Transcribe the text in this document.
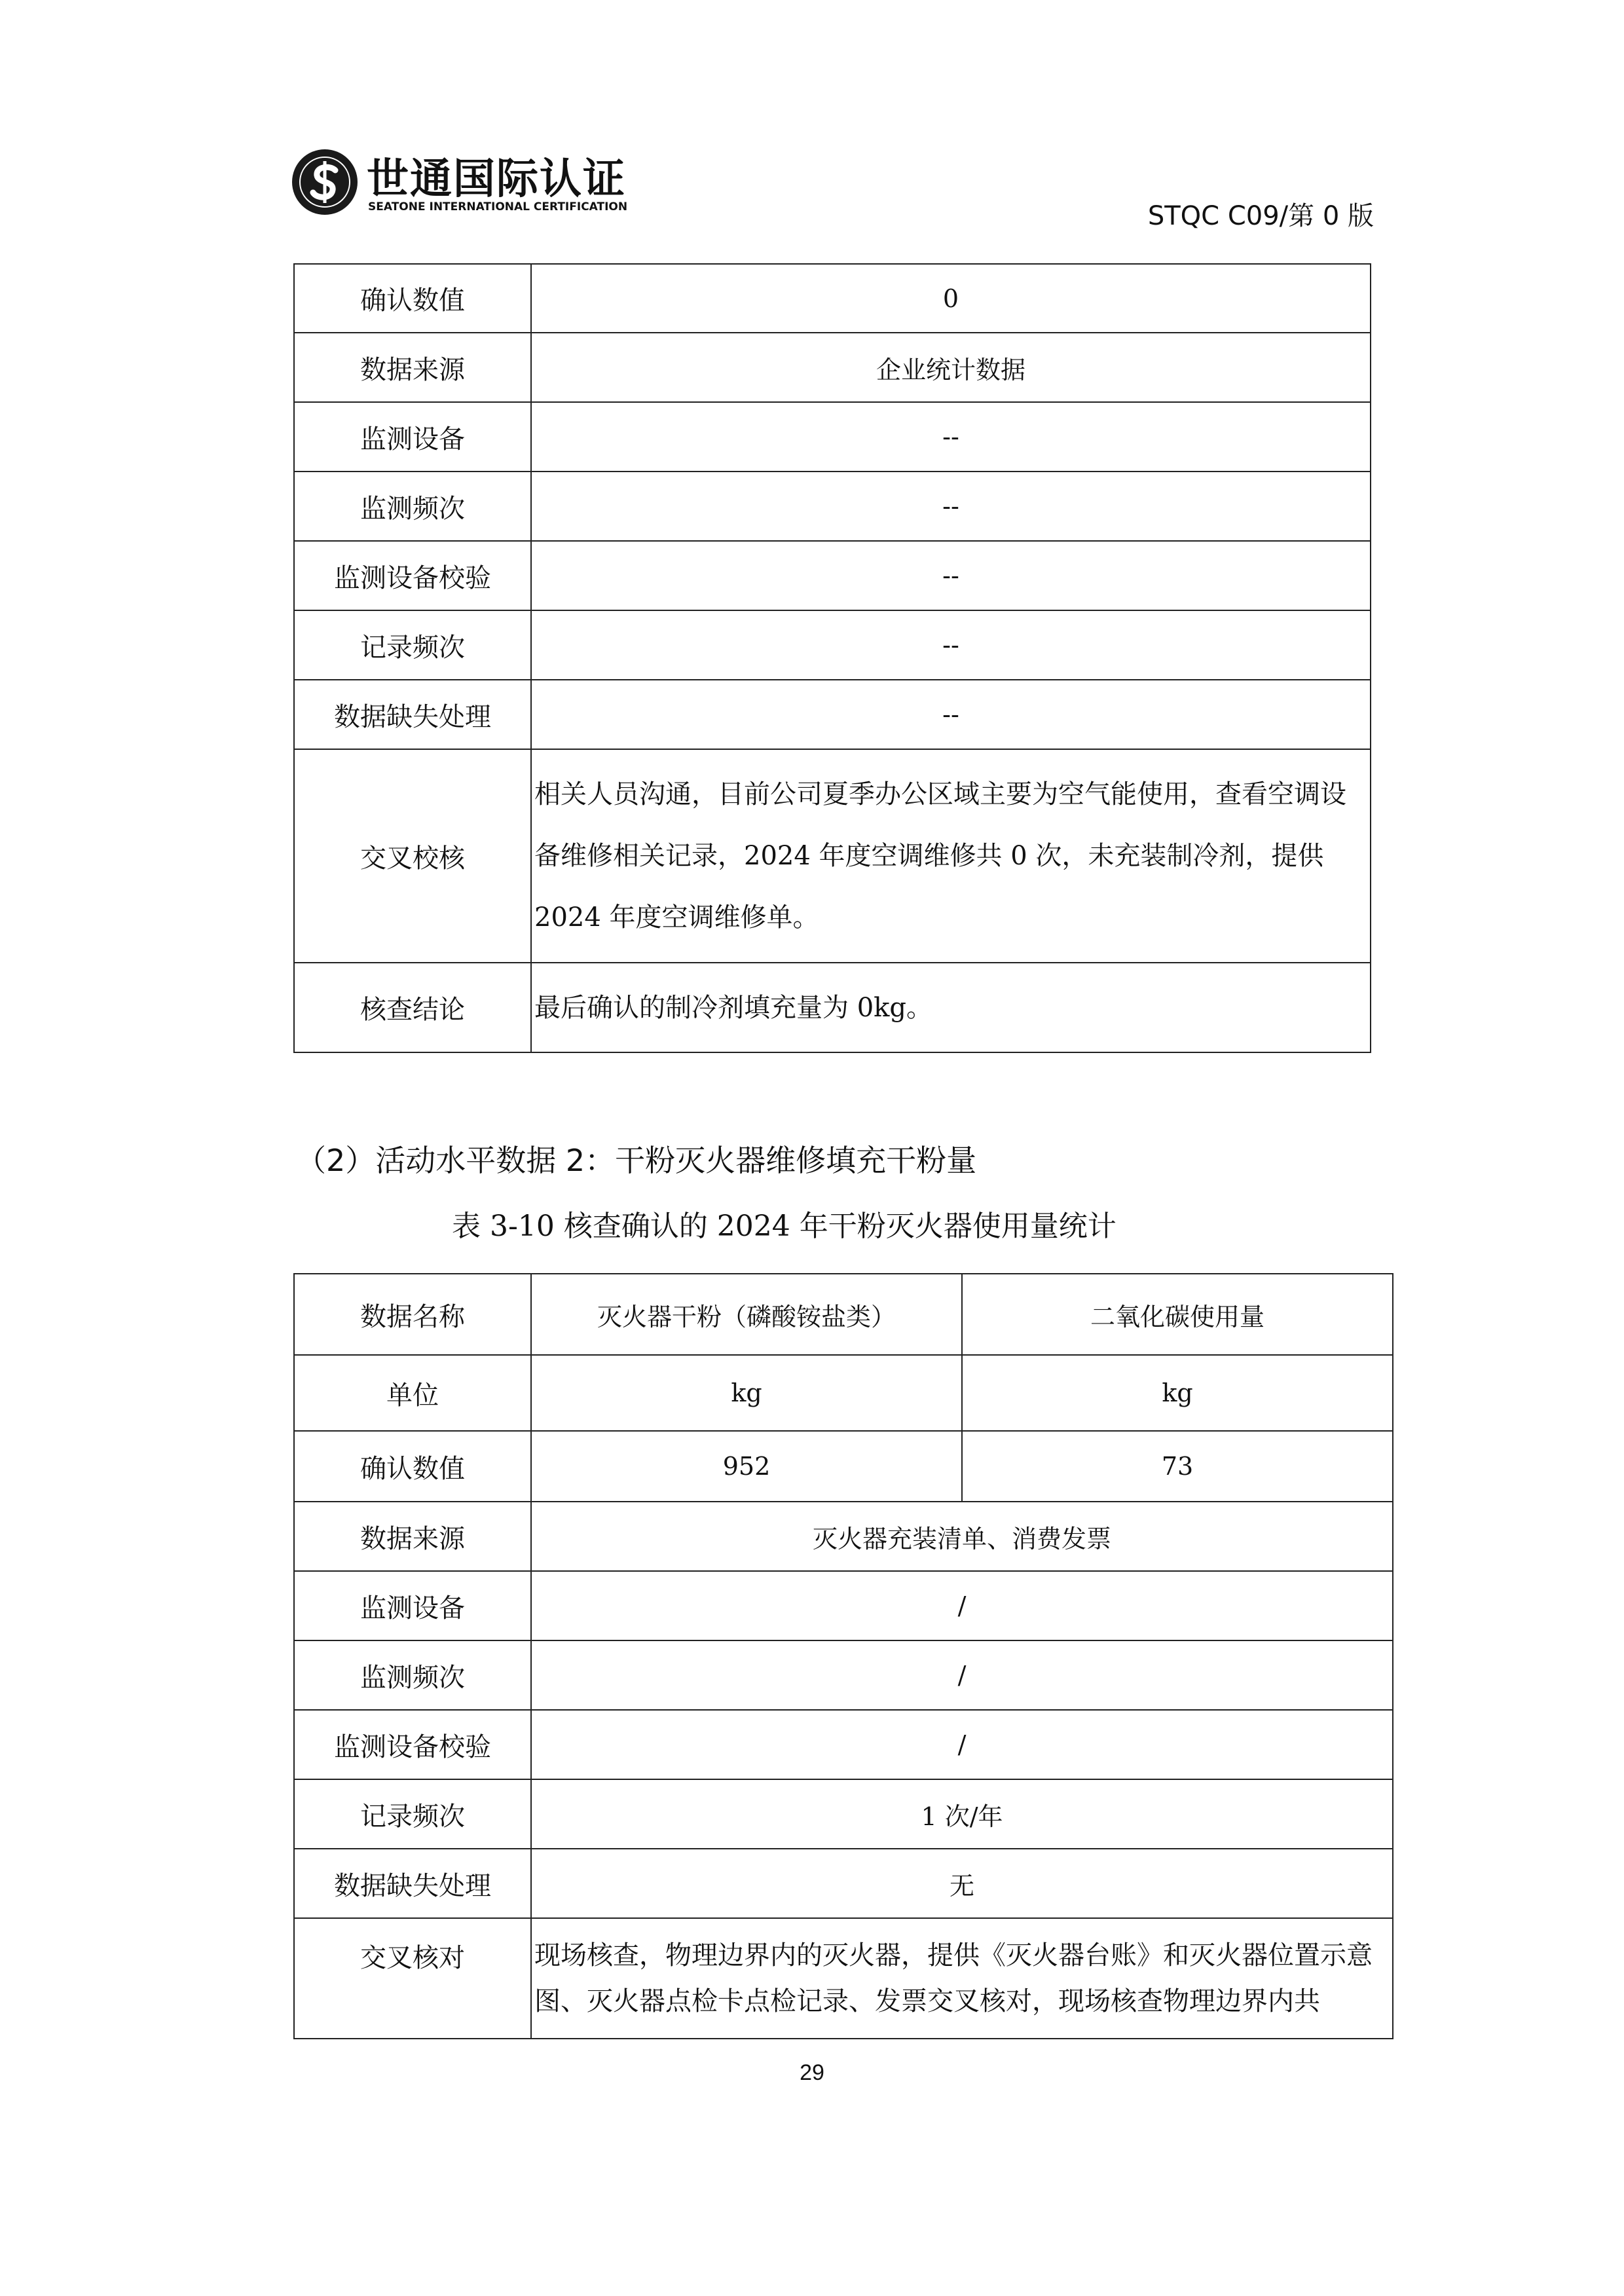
世通国际认证
SEATONE INTERNATIONAL CERTIFICATION	STQC C09/第 0 版
确认数值	0
数据来源	企业统计数据
监测设备	--
监测频次	--
监测设备校验	--
记录频次	--
数据缺失处理	--
交叉校核	相关人员沟通，目前公司夏季办公区域主要为空气能使用，查看空调设备维修相关记录，2024 年度空调维修共 0 次，未充装制冷剂，提供2024 年度空调维修单。
核查结论	最后确认的制冷剂填充量为 0kg。
（2）活动水平数据 2：干粉灭火器维修填充干粉量
表 3-10 核查确认的 2024 年干粉灭火器使用量统计
数据名称	灭火器干粉（磷酸铵盐类）	二氧化碳使用量
单位	kg	kg
确认数值	952	73
数据来源	灭火器充装清单、消费发票	
监测设备	/	
监测频次	/	
监测设备校验	/	
记录频次	1 次/年	
数据缺失处理	无	
交叉核对	现场核查，物理边界内的灭火器，提供《灭火器台账》和灭火器位置示意图、灭火器点检卡点检记录、发票交叉核对，现场核查物理边界内共	
29
